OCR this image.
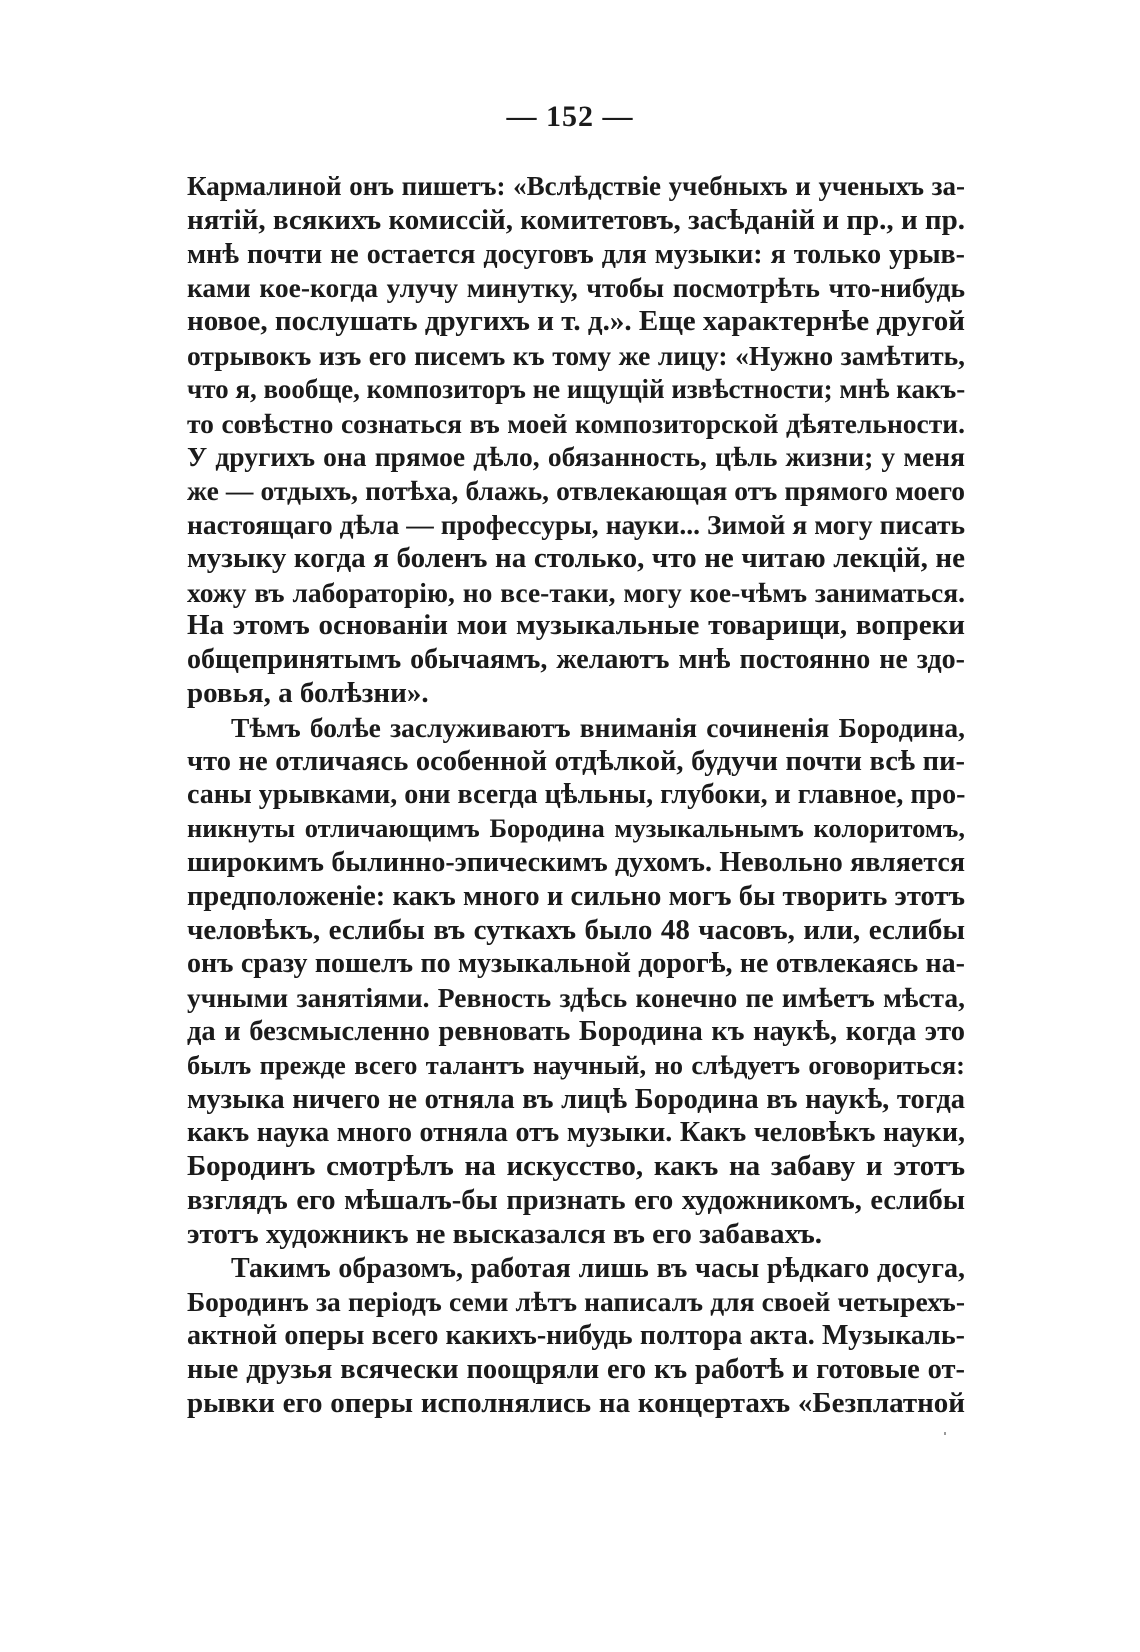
— 152 —
Кармалиной онъ пишетъ: «Вслѣдствіе учебныхъ и ученыхъ за-
нятій, всякихъ комиссій, комитетовъ, засѣданій и пр., и пр.
мнѣ почти не остается досуговъ для музыки: я только урыв-
ками кое-когда улучу минутку, чтобы посмотрѣть что-нибудь
новое, послушать другихъ и т. д.». Еще характернѣе другой
отрывокъ изъ его писемъ къ тому же лицу: «Нужно замѣтить,
что я, вообще, композиторъ не ищущій извѣстности; мнѣ какъ-
то совѣстно сознаться въ моей композиторской дѣятельности.
У другихъ она прямое дѣло, обязанность, цѣль жизни; у меня
же — отдыхъ, потѣха, блажь, отвлекающая отъ прямого моего
настоящаго дѣла — профессуры, науки... Зимой я могу писать
музыку когда я боленъ на столько, что не читаю лекцій, не
хожу въ лабораторію, но все-таки, могу кое-чѣмъ заниматься.
На этомъ основаніи мои музыкальные товарищи, вопреки
общепринятымъ обычаямъ, желаютъ мнѣ постоянно не здо-
ровья, а болѣзни».
Тѣмъ болѣе заслуживаютъ вниманія сочиненія Бородина,
что не отличаясь особенной отдѣлкой, будучи почти всѣ пи-
саны урывками, они всегда цѣльны, глубоки, и главное, про-
никнуты отличающимъ Бородина музыкальнымъ колоритомъ,
широкимъ былинно-эпическимъ духомъ. Невольно является
предположеніе: какъ много и сильно могъ бы творить этотъ
человѣкъ, еслибы въ суткахъ было 48 часовъ, или, еслибы
онъ сразу пошелъ по музыкальной дорогѣ, не отвлекаясь на-
учными занятіями. Ревность здѣсь конечно пе имѣетъ мѣста,
да и безсмысленно ревновать Бородина къ наукѣ, когда это
былъ прежде всего талантъ научный, но слѣдуетъ оговориться:
музыка ничего не отняла въ лицѣ Бородина въ наукѣ, тогда
какъ наука много отняла отъ музыки. Какъ человѣкъ науки,
Бородинъ смотрѣлъ на искусство, какъ на забаву и этотъ
взглядъ его мѣшалъ-бы признать его художникомъ, еслибы
этотъ художникъ не высказался въ его забавахъ.
Такимъ образомъ, работая лишь въ часы рѣдкаго досуга,
Бородинъ за періодъ семи лѣтъ написалъ для своей четырехъ-
актной оперы всего какихъ-нибудь полтора акта. Музыкаль-
ные друзья всячески поощряли его къ работѣ и готовые от-
рывки его оперы исполнялись на концертахъ «Безплатной
